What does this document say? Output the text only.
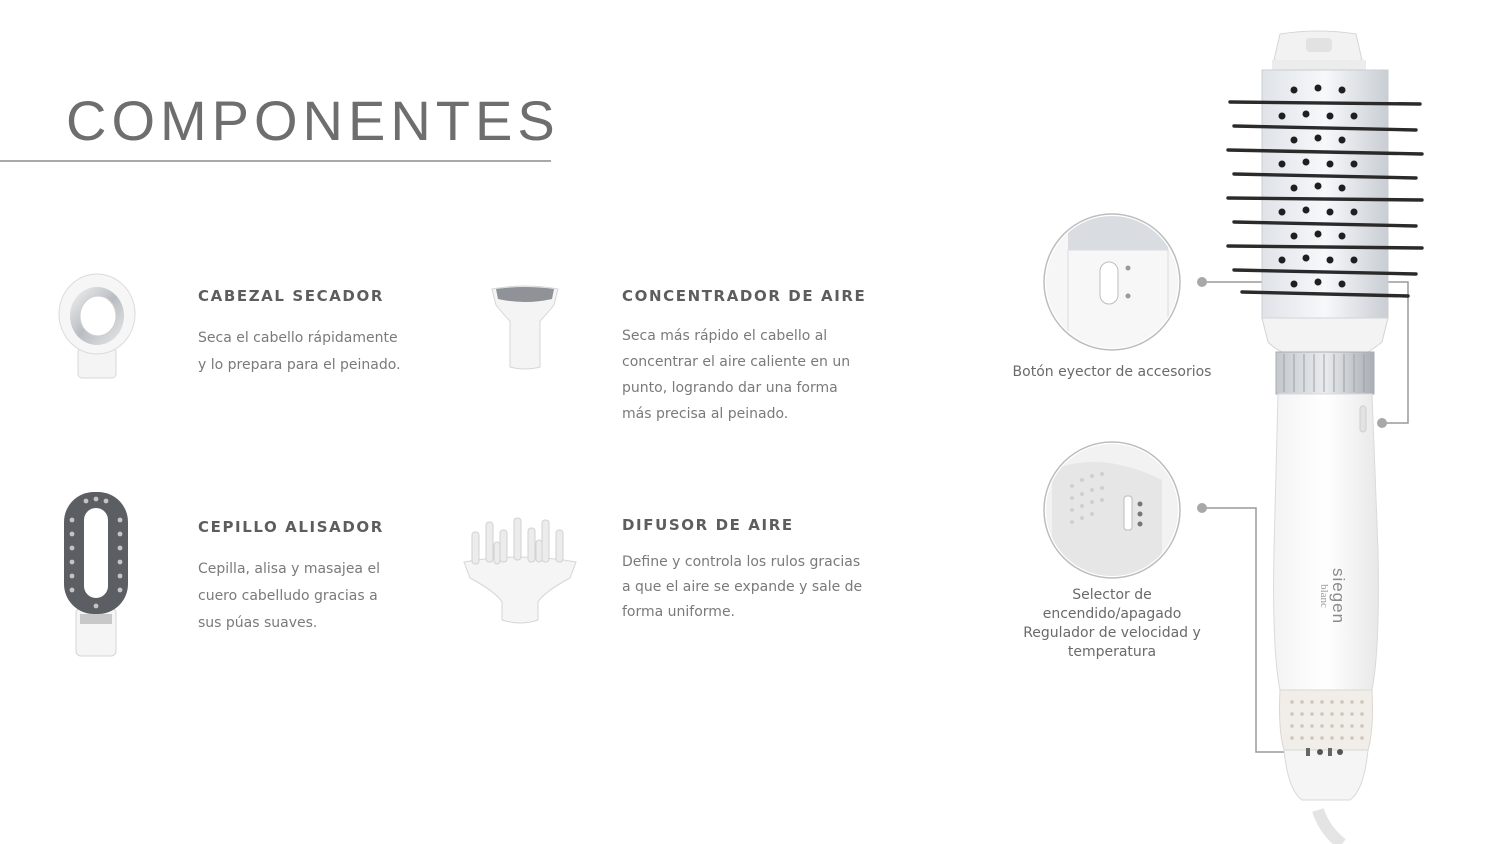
COMPONENTES
CABEZAL SECADOR

Seca el cabello rápidamente
y lo prepara para el peinado.

CONCENTRADOR DE AIRE

Seca más rápido el cabello al
concentrar el aire caliente en un
punto, logrando dar una forma
más precisa al peinado.

CEPILLO ALISADOR

Cepilla, alisa y masajea el
cuero cabelludo gracias a
sus púas suaves.

DIFUSOR DE AIRE

Define y controla los rulos gracias
a que el aire se expande y sale de
forma uniforme.

Botón eyector de accesorios

Selector de
encendido/apagado
Regulador de velocidad y
temperatura

siegen
blanc
